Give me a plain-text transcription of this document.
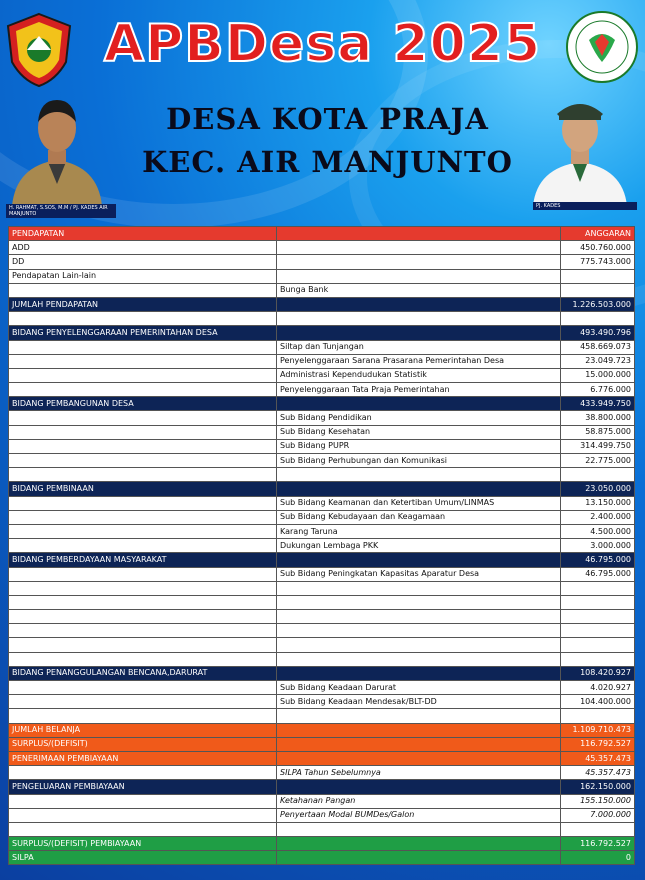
APBDesa 2025
DESA KOTA PRAJA
KEC. AIR MANJUNTO
H. RAHMAT, S.SOS, M.M / PJ. KADES AIR MANJUNTO
PJ. KADES
PENDAPATAN		ANGGARAN
ADD		450.760.000
DD		775.743.000
Pendapatan Lain-lain		
	Bunga Bank	
JUMLAH PENDAPATAN		1.226.503.000

BIDANG PENYELENGGARAAN PEMERINTAHAN DESA		493.490.796
	Siltap dan Tunjangan	458.669.073
	Penyelenggaraan Sarana Prasarana Pemerintahan Desa	23.049.723
	Administrasi Kependudukan Statistik	15.000.000
	Penyelenggaraan Tata Praja Pemerintahan	6.776.000
BIDANG PEMBANGUNAN DESA		433.949.750
	Sub Bidang Pendidikan	38.800.000
	Sub Bidang Kesehatan	58.875.000
	Sub Bidang PUPR	314.499.750
	Sub Bidang Perhubungan dan Komunikasi	22.775.000

BIDANG PEMBINAAN		23.050.000
	Sub Bidang Keamanan dan Ketertiban Umum/LINMAS	13.150.000
	Sub Bidang Kebudayaan dan Keagamaan	2.400.000
	Karang Taruna	4.500.000
	Dukungan Lembaga PKK	3.000.000
BIDANG PEMBERDAYAAN MASYARAKAT		46.795.000
	Sub Bidang Peningkatan Kapasitas Aparatur Desa	46.795.000

BIDANG PENANGGULANGAN BENCANA,DARURAT		108.420.927
	Sub Bidang Keadaan Darurat	4.020.927
	Sub Bidang Keadaan Mendesak/BLT-DD	104.400.000

JUMLAH BELANJA		1.109.710.473
SURPLUS/(DEFISIT)		116.792.527
PENERIMAAN PEMBIAYAAN		45.357.473
	SILPA Tahun Sebelumnya	45.357.473
PENGELUARAN PEMBIAYAAN		162.150.000
	Ketahanan Pangan	155.150.000
	Penyertaan Modal BUMDes/Galon	7.000.000

SURPLUS/(DEFISIT) PEMBIAYAAN		116.792.527
SILPA		0
